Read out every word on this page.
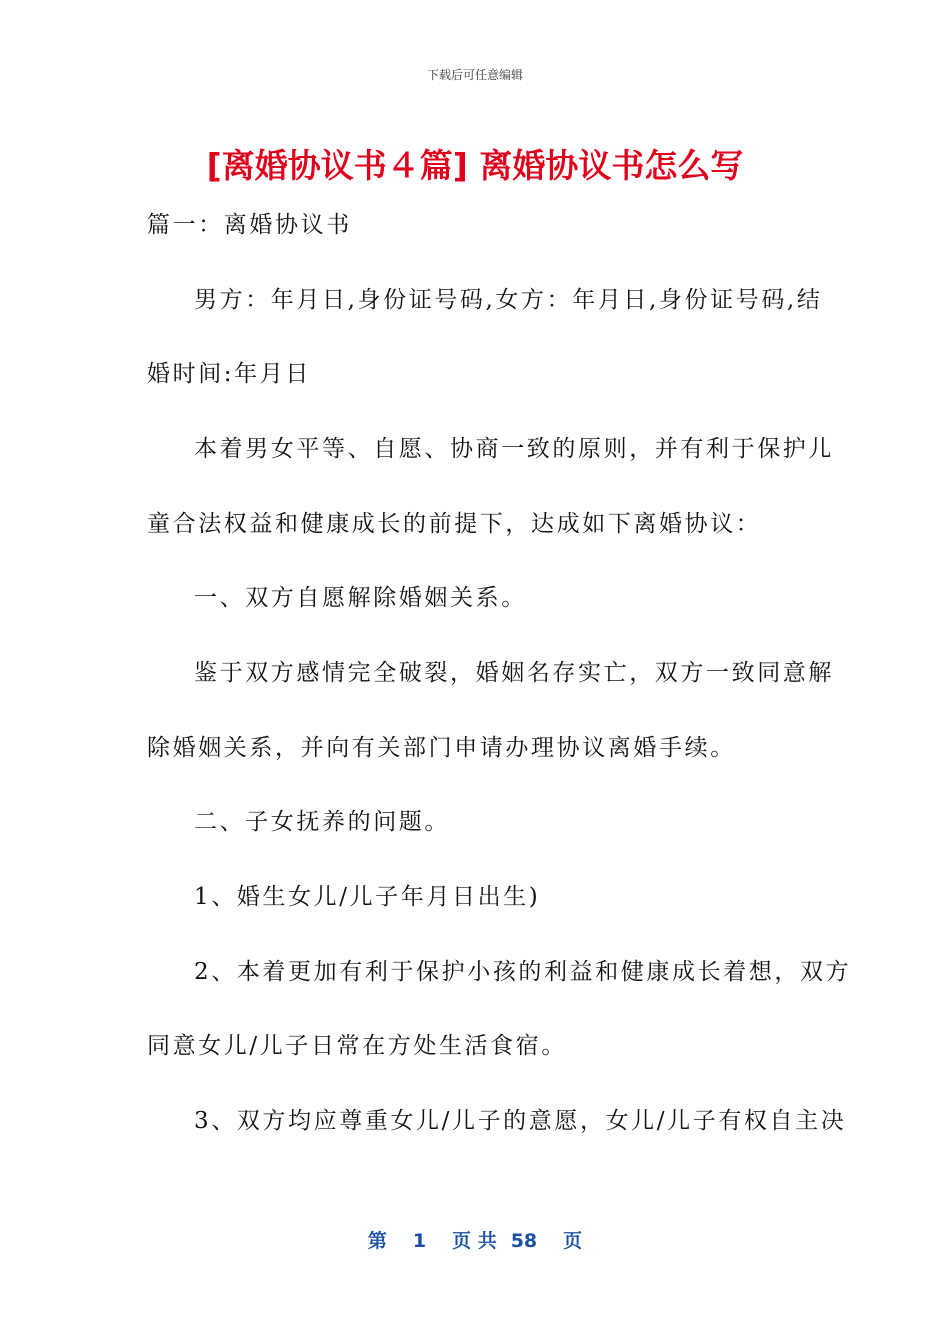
下载后可任意编辑
[离婚协议书４篇] 离婚协议书怎么写

篇一：离婚协议书

男方：年月日,身份证号码,女方：年月日,身份证号码,结

婚时间:年月日

本着男女平等、自愿、协商一致的原则，并有利于保护儿

童合法权益和健康成长的前提下，达成如下离婚协议：

一、双方自愿解除婚姻关系。

鉴于双方感情完全破裂，婚姻名存实亡，双方一致同意解

除婚姻关系，并向有关部门申请办理协议离婚手续。

二、子女抚养的问题。

1、婚生女儿/儿子年月日出生)

2、本着更加有利于保护小孩的利益和健康成长着想，双方

同意女儿/儿子日常在方处生活食宿。

3、双方均应尊重女儿/儿子的意愿，女儿/儿子有权自主决

第 1 页 共 58 页
